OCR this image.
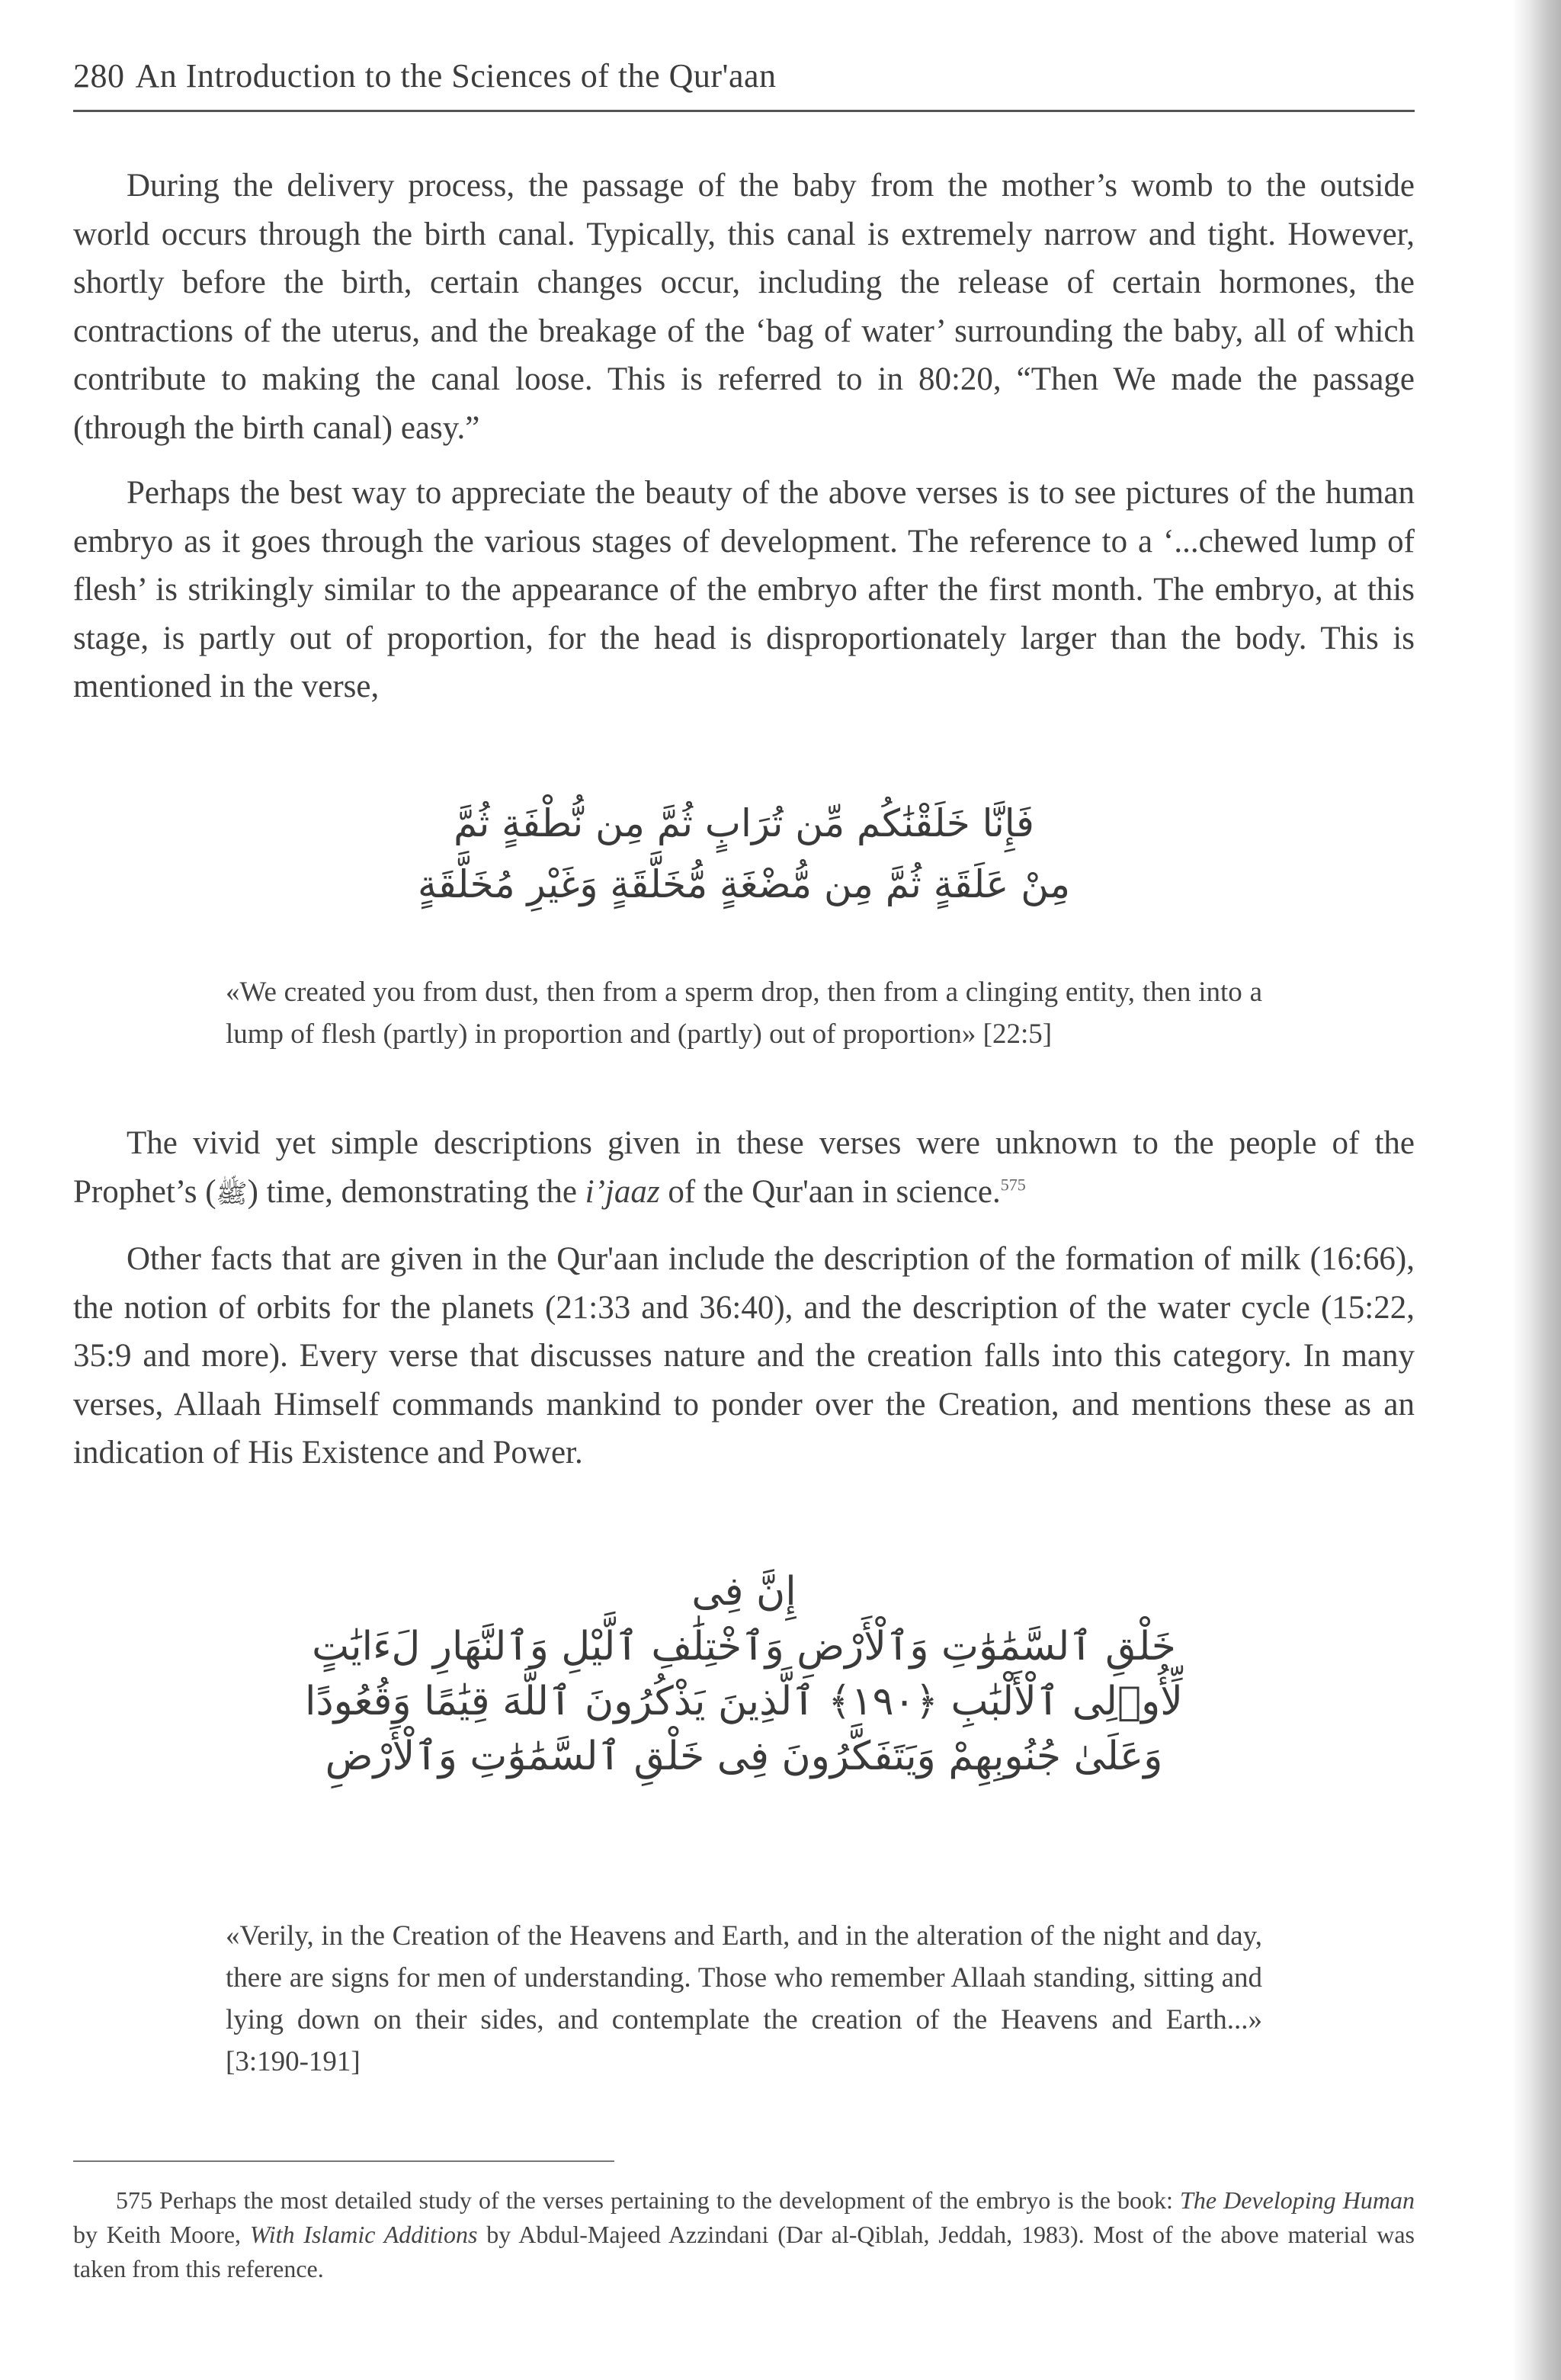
280 An Introduction to the Sciences of the Qur'aan

During the delivery process, the passage of the baby from the mother’s womb to the outside world occurs through the birth canal. Typically, this canal is extremely narrow and tight. However, shortly before the birth, certain changes occur, including the release of certain hormones, the contractions of the uterus, and the breakage of the ‘bag of water’ surrounding the baby, all of which contribute to making the canal loose. This is referred to in 80:20, “Then We made the passage (through the birth canal) easy.”

Perhaps the best way to appreciate the beauty of the above verses is to see pictures of the human embryo as it goes through the various stages of development. The reference to a ‘...chewed lump of flesh’ is strikingly similar to the appearance of the embryo after the first month. The embryo, at this stage, is partly out of proportion, for the head is disproportionately larger than the body. This is mentioned in the verse,

فَإِنَّا خَلَقْنَٰكُم مِّن تُرَابٍ ثُمَّ مِن نُّطْفَةٍ ثُمَّ
مِنْ عَلَقَةٍ ثُمَّ مِن مُّضْغَةٍ مُّخَلَّقَةٍ وَغَيْرِ مُخَلَّقَةٍ
«We created you from dust, then from a sperm drop, then from a clinging entity, then into a lump of flesh (partly) in proportion and (partly) out of proportion» [22:5]

The vivid yet simple descriptions given in these verses were unknown to the people of the Prophet’s (ﷺ) time, demonstrating the i’jaaz of the Qur'aan in science.$^{575}$

Other facts that are given in the Qur'aan include the description of the formation of milk (16:66), the notion of orbits for the planets (21:33 and 36:40), and the description of the water cycle (15:22, 35:9 and more). Every verse that discusses nature and the creation falls into this category. In many verses, Allaah Himself commands mankind to ponder over the Creation, and mentions these as an indication of His Existence and Power.

إِنَّ فِى
خَلْقِ ٱلسَّمَٰوَٰتِ وَٱلْأَرْضِ وَٱخْتِلَٰفِ ٱلَّيْلِ وَٱلنَّهَارِ لَءَايَٰتٍ
لِّأُو۟لِى ٱلْأَلْبَٰبِ ﴿١٩٠﴾ ٱلَّذِينَ يَذْكُرُونَ ٱللَّهَ قِيَٰمًا وَقُعُودًا
وَعَلَىٰ جُنُوبِهِمْ وَيَتَفَكَّرُونَ فِى خَلْقِ ٱلسَّمَٰوَٰتِ وَٱلْأَرْضِ
«Verily, in the Creation of the Heavens and Earth, and in the alteration of the night and day, there are signs for men of understanding. Those who remember Allaah standing, sitting and lying down on their sides, and contemplate the creation of the Heavens and Earth...» [3:190-191]
575 Perhaps the most detailed study of the verses pertaining to the development of the embryo is the book: The Developing Human by Keith Moore, With Islamic Additions by Abdul-Majeed Azzindani (Dar al-Qiblah, Jeddah, 1983). Most of the above material was taken from this reference.
